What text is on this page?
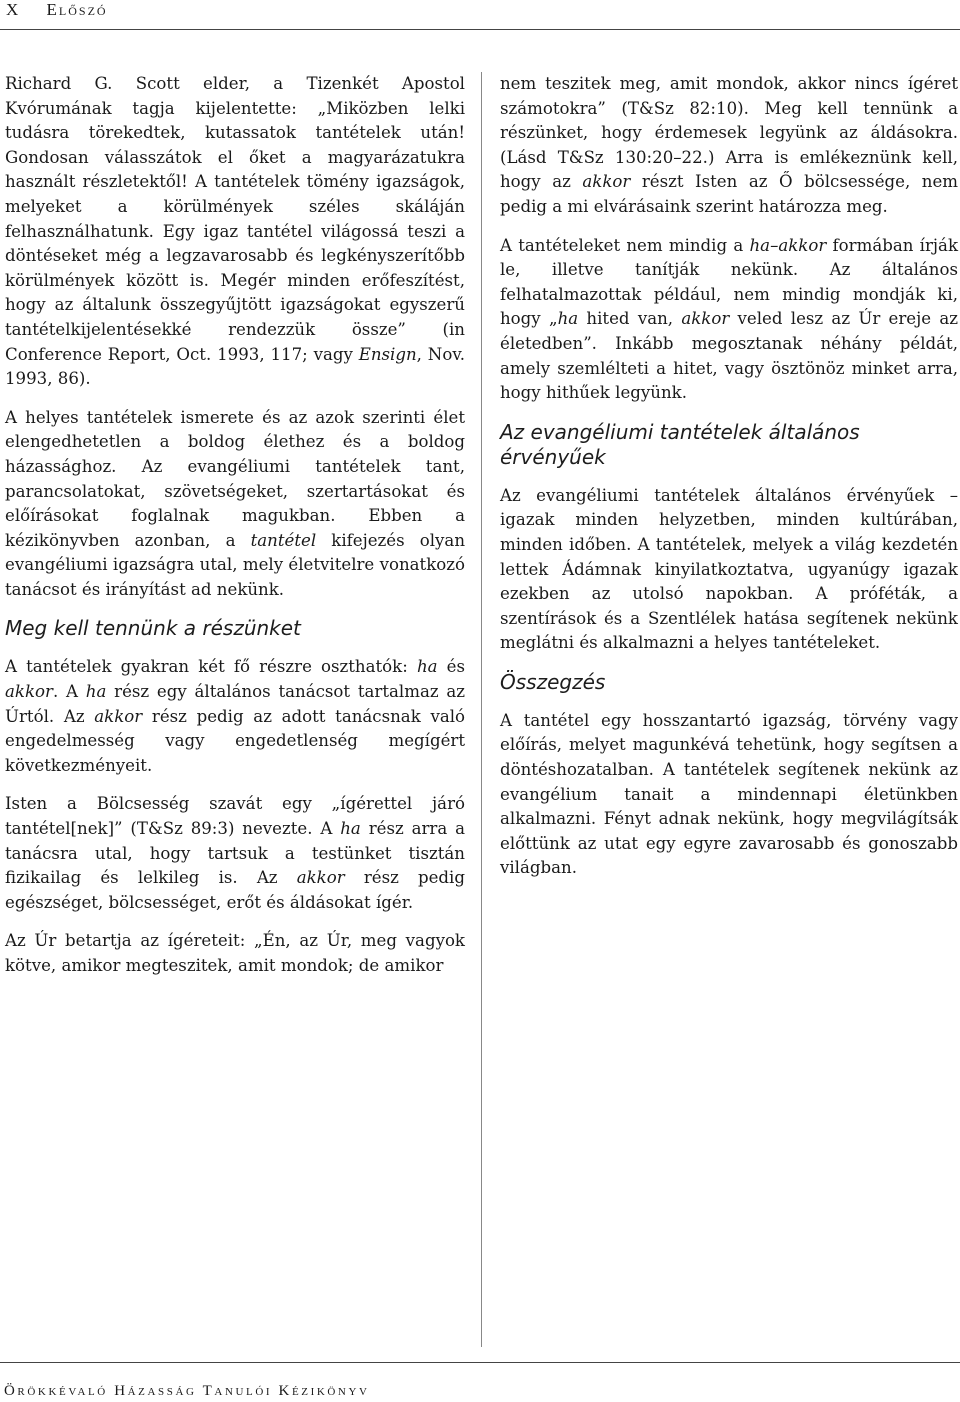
X Előszó

Richard G. Scott elder, a Tizenkét Apostol Kvórumának tagja kijelentette: „Miközben lelki tudásra törekedtek, kutassatok tantételek után! Gondosan válasszátok el őket a magyarázatukra használt részletektől! A tantételek tömény igazságok, melyeket a körülmények széles skáláján felhasználhatunk. Egy igaz tantétel világossá teszi a döntéseket még a legzavarosabb és legkényszerítőbb körülmények között is. Megér minden erőfeszítést, hogy az általunk összegyűjtött igazságokat egyszerű tantételkijelentésekké rendezzük össze” (in Conference Report, Oct. 1993, 117; vagy Ensign, Nov. 1993, 86).

A helyes tantételek ismerete és az azok szerinti élet elengedhetetlen a boldog élethez és a boldog házassághoz. Az evangéliumi tantételek tant, parancsolatokat, szövetségeket, szertartásokat és előírásokat foglalnak magukban. Ebben a kézikönyvben azonban, a tantétel kifejezés olyan evangéliumi igazságra utal, mely életvitelre vonatkozó tanácsot és irányítást ad nekünk.

Meg kell tennünk a részünket

A tantételek gyakran két fő részre oszthatók: ha és akkor. A ha rész egy általános tanácsot tartalmaz az Úrtól. Az akkor rész pedig az adott tanácsnak való engedelmesség vagy engedetlenség megígért következményeit.

Isten a Bölcsesség szavát egy „ígérettel járó tantétel[nek]” (T&Sz 89:3) nevezte. A ha rész arra a tanácsra utal, hogy tartsuk a testünket tisztán fizikailag és lelkileg is. Az akkor rész pedig egészséget, bölcsességet, erőt és áldásokat ígér.

Az Úr betartja az ígéreteit: „Én, az Úr, meg vagyok kötve, amikor megteszitek, amit mondok; de amikor

nem teszitek meg, amit mondok, akkor nincs ígéret számotokra” (T&Sz 82:10). Meg kell tennünk a részünket, hogy érdemesek legyünk az áldásokra. (Lásd T&Sz 130:20–22.) Arra is emlékeznünk kell, hogy az akkor részt Isten az Ő bölcsessége, nem pedig a mi elvárásaink szerint határozza meg.

A tantételeket nem mindig a ha–akkor formában írják le, illetve tanítják nekünk. Az általános felhatalmazottak például, nem mindig mondják ki, hogy „ha hited van, akkor veled lesz az Úr ereje az életedben”. Inkább megosztanak néhány példát, amely szemlélteti a hitet, vagy ösztönöz minket arra, hogy hithűek legyünk.

Az evangéliumi tantételek általános érvényűek

Az evangéliumi tantételek általános érvényűek – igazak minden helyzetben, minden kultúrában, minden időben. A tantételek, melyek a világ kezdetén lettek Ádámnak kinyilatkoztatva, ugyanúgy igazak ezekben az utolsó napokban. A próféták, a szentírások és a Szentlélek hatása segítenek nekünk meglátni és alkalmazni a helyes tantételeket.

Összegzés

A tantétel egy hosszantartó igazság, törvény vagy előírás, melyet magunkévá tehetünk, hogy segítsen a döntéshozatalban. A tantételek segítenek nekünk az evangélium tanait a mindennapi életünkben alkalmazni. Fényt adnak nekünk, hogy megvilágítsák előttünk az utat egy egyre zavarosabb és gonoszabb világban.

Örökkévaló Házasság Tanulói Kézikönyv
